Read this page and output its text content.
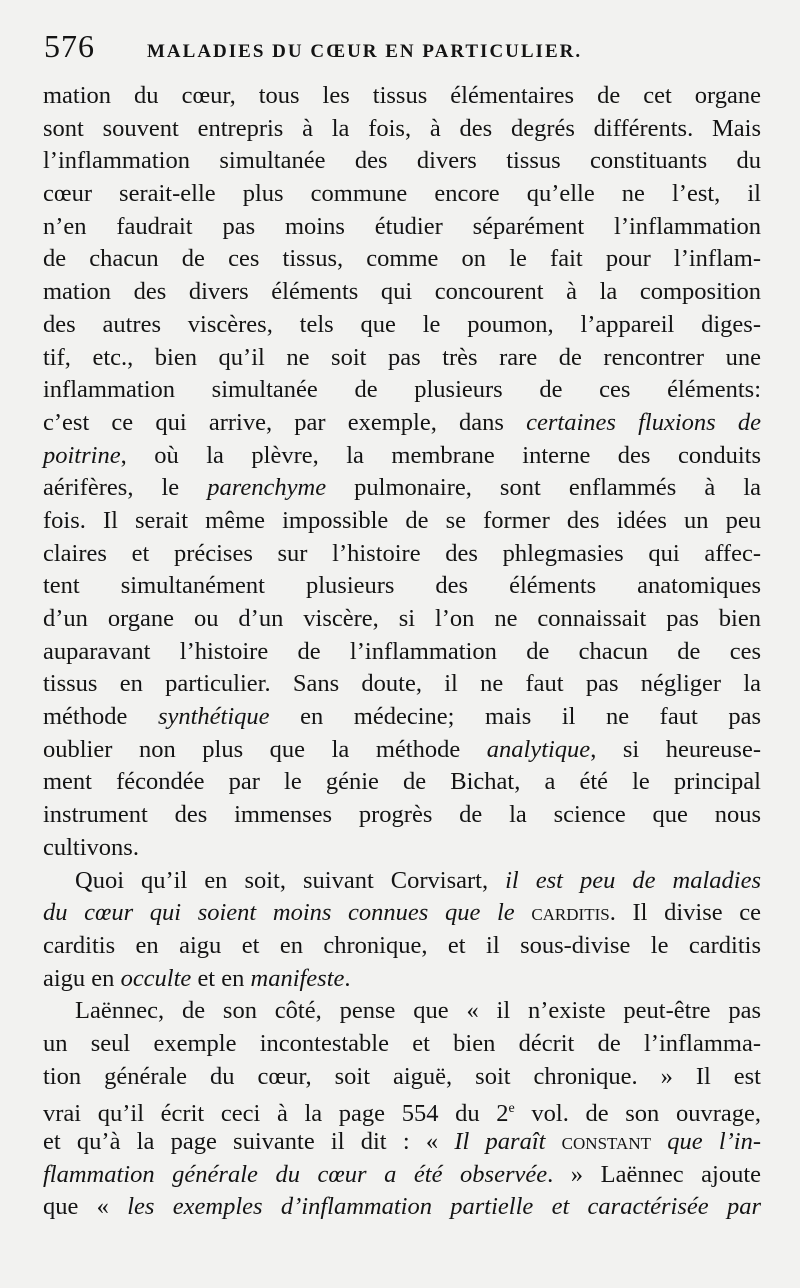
576	MALADIES DU CŒUR EN PARTICULIER.
mation du cœur, tous les tissus élémentaires de cet organe
sont souvent entrepris à la fois, à des degrés différents. Mais
l’inflammation simultanée des divers tissus constituants du
cœur serait-elle plus commune encore qu’elle ne l’est, il
n’en faudrait pas moins étudier séparément l’inflammation
de chacun de ces tissus, comme on le fait pour l’inflam-
mation des divers éléments qui concourent à la composition
des autres viscères, tels que le poumon, l’appareil diges-
tif, etc., bien qu’il ne soit pas très rare de rencontrer une
inflammation simultanée de plusieurs de ces éléments:
c’est ce qui arrive, par exemple, dans certaines fluxions de
poitrine, où la plèvre, la membrane interne des conduits
aérifères, le parenchyme pulmonaire, sont enflammés à la
fois. Il serait même impossible de se former des idées un peu
claires et précises sur l’histoire des phlegmasies qui affec-
tent simultanément plusieurs des éléments anatomiques
d’un organe ou d’un viscère, si l’on ne connaissait pas bien
auparavant l’histoire de l’inflammation de chacun de ces
tissus en particulier. Sans doute, il ne faut pas négliger la
méthode synthétique en médecine; mais il ne faut pas
oublier non plus que la méthode analytique, si heureuse-
ment fécondée par le génie de Bichat, a été le principal
instrument des immenses progrès de la science que nous
cultivons.
Quoi qu’il en soit, suivant Corvisart, il est peu de maladies
du cœur qui soient moins connues que le carditis. Il divise ce
carditis en aigu et en chronique, et il sous-divise le carditis
aigu en occulte et en manifeste.
Laënnec, de son côté, pense que « il n’existe peut-être pas
un seul exemple incontestable et bien décrit de l’inflamma-
tion générale du cœur, soit aiguë, soit chronique. » Il est
vrai qu’il écrit ceci à la page 554 du 2e vol. de son ouvrage,
et qu’à la page suivante il dit : « Il paraît constant que l’in-
flammation générale du cœur a été observée. » Laënnec ajoute
que « les exemples d’inflammation partielle et caractérisée par
